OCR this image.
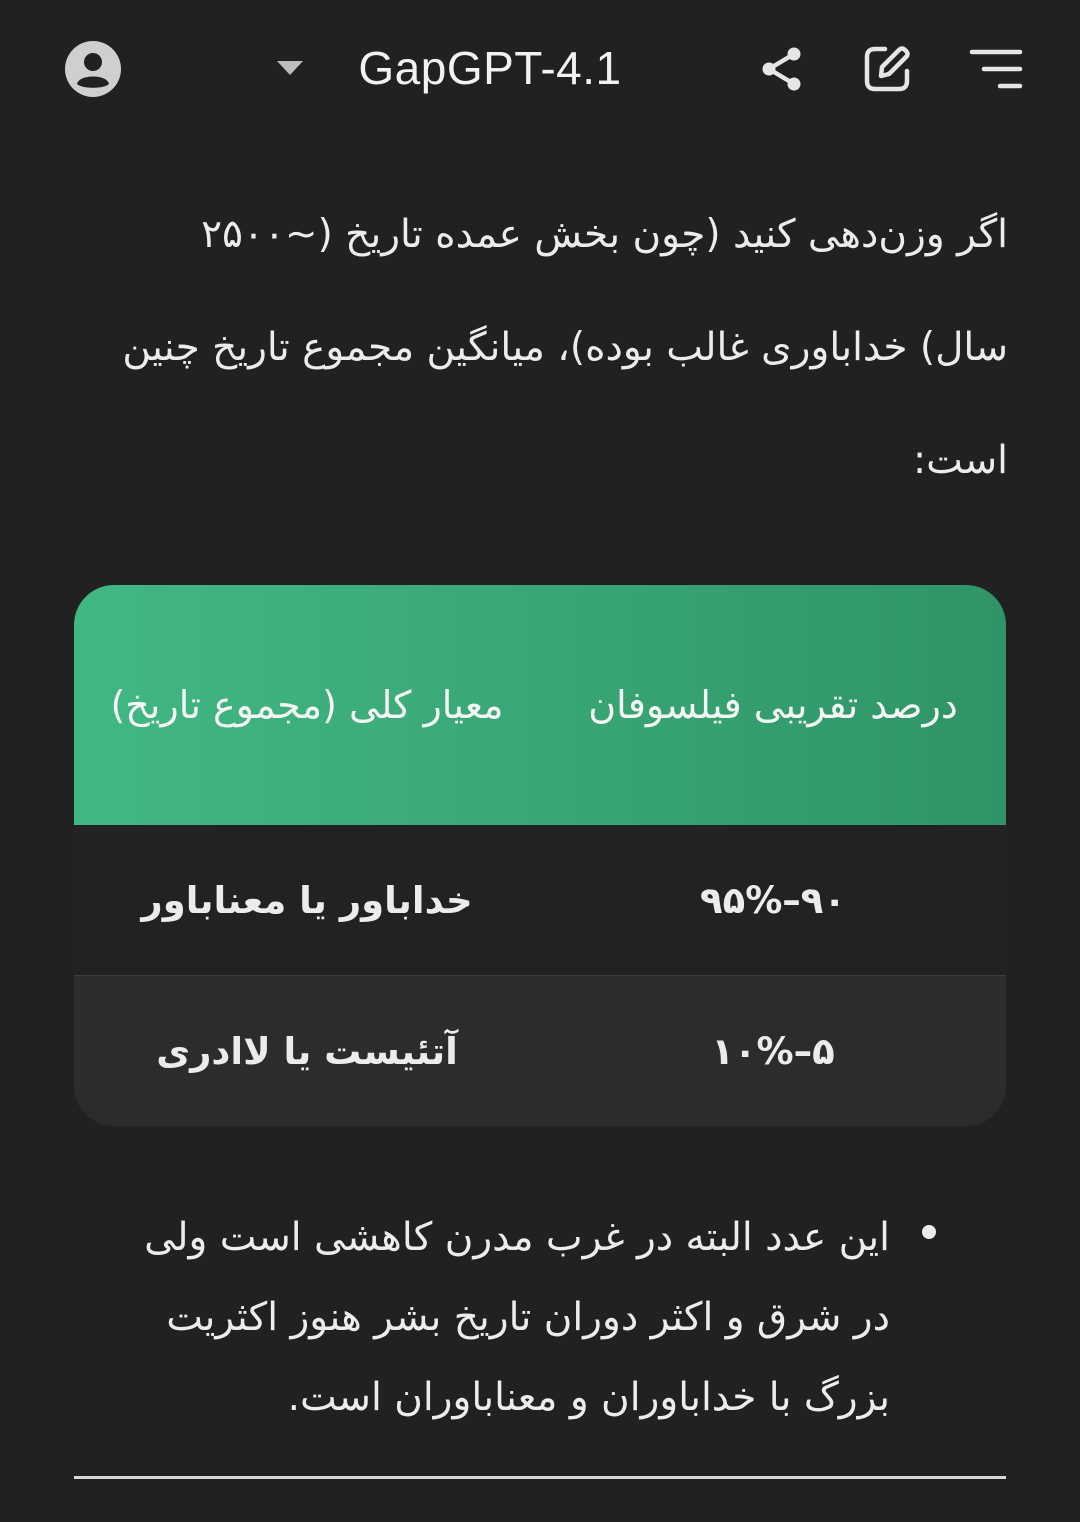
GapGPT-4.1
اگر وزن‌دهی کنید (چون بخش عمده تاریخ (~۲۵۰۰ سال) خداباوری غالب بوده)، میانگین مجموع تاریخ چنین است:
درصد تقریبی فیلسوفان
معیار کلی (مجموع تاریخ)
۹۰–۹۵%
خداباور یا معناباور
۵–۱۰%
آتئیست یا لاادری
این عدد البته در غرب مدرن کاهشی است ولی در شرق و اکثر دوران تاریخ بشر هنوز اکثریت بزرگ با خداباوران و معناباوران است.
